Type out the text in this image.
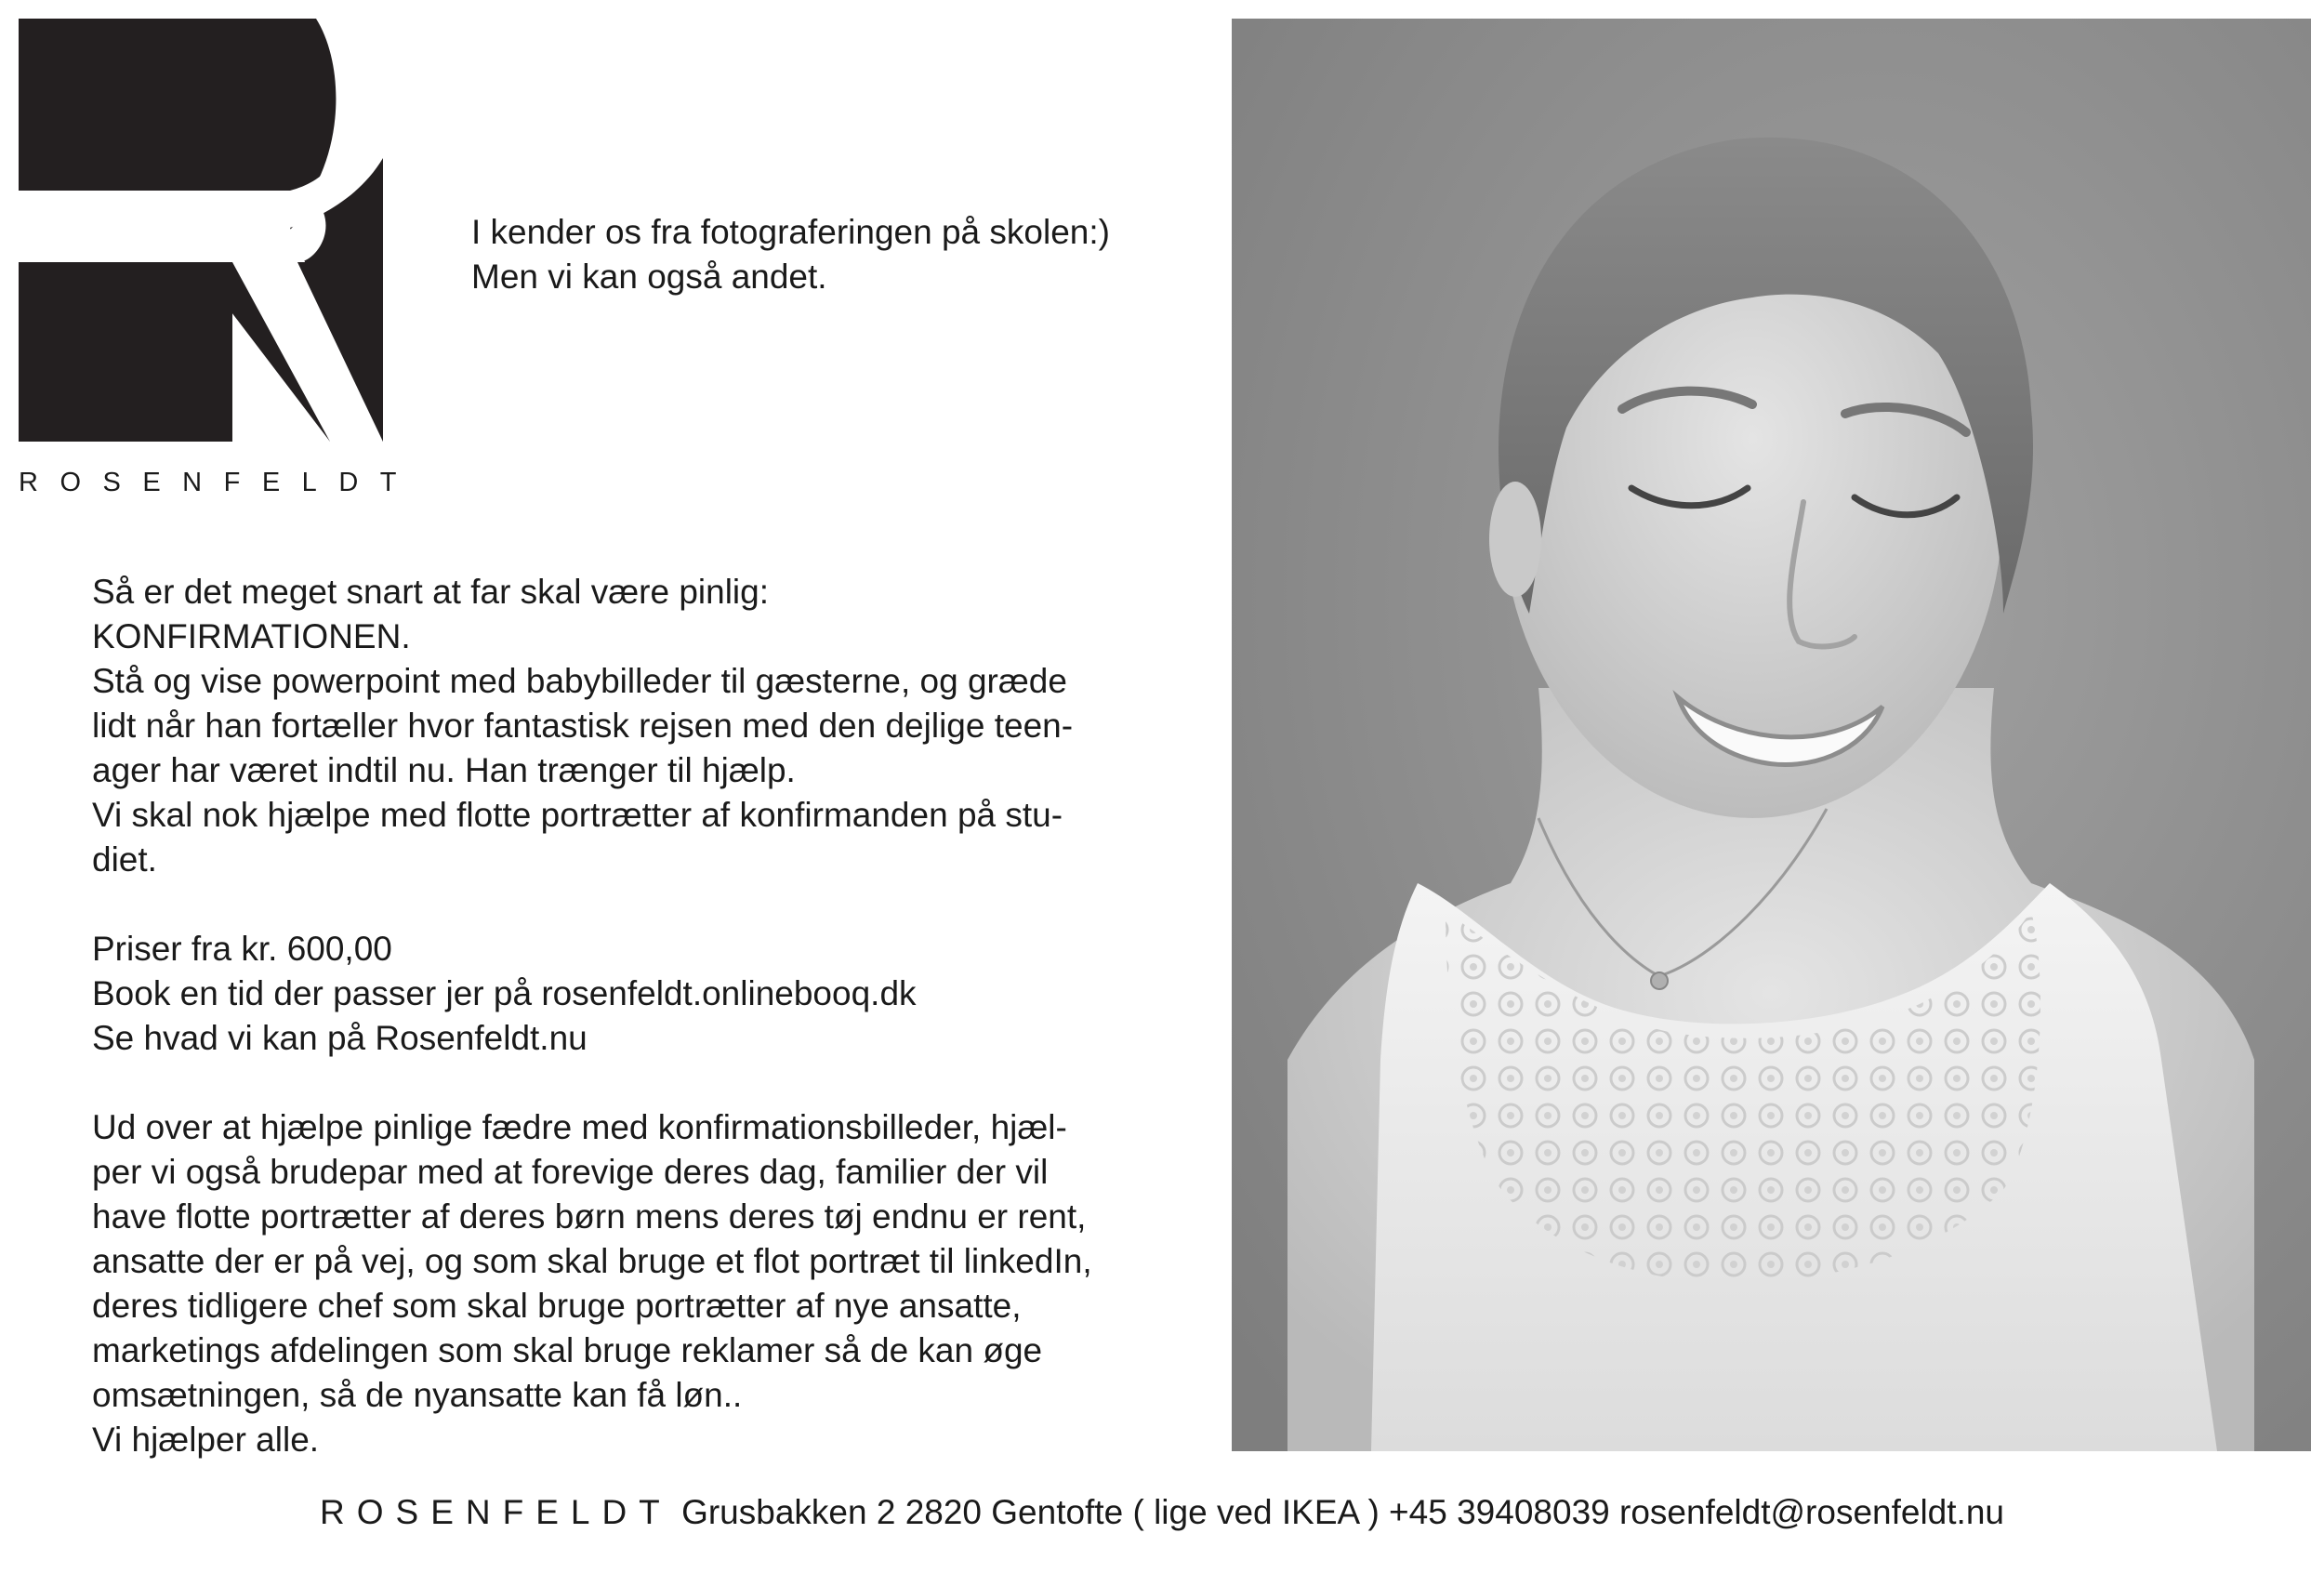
ROSENFELDT
I kender os fra fotograferingen på skolen:)
Men vi kan også andet.
Så er det meget snart at far skal være pinlig:
KONFIRMATIONEN.
Stå og vise powerpoint med babybilleder til gæsterne, og græde
lidt når han fortæller hvor fantastisk rejsen med den dejlige teen-
ager har været indtil nu. Han trænger til hjælp.
Vi skal nok hjælpe med flotte portrætter af konfirmanden på stu-
diet.
Priser fra kr. 600,00
Book en tid der passer jer på rosenfeldt.onlinebooq.dk
Se hvad vi kan på Rosenfeldt.nu
Ud over at hjælpe pinlige fædre med konfirmationsbilleder, hjæl-
per vi også brudepar med at forevige deres dag, familier der vil
have flotte portrætter af deres børn mens deres tøj endnu er rent,
ansatte der er på vej, og som skal bruge et flot portræt til linkedIn,
deres tidligere chef som skal bruge portrætter af nye ansatte,
marketings afdelingen som skal bruge reklamer så de kan øge
omsætningen, så de nyansatte kan få løn..
Vi hjælper alle.
ROSENFELDT Grusbakken 2 2820 Gentofte ( lige ved IKEA ) +45 39408039 rosenfeldt@rosenfeldt.nu
